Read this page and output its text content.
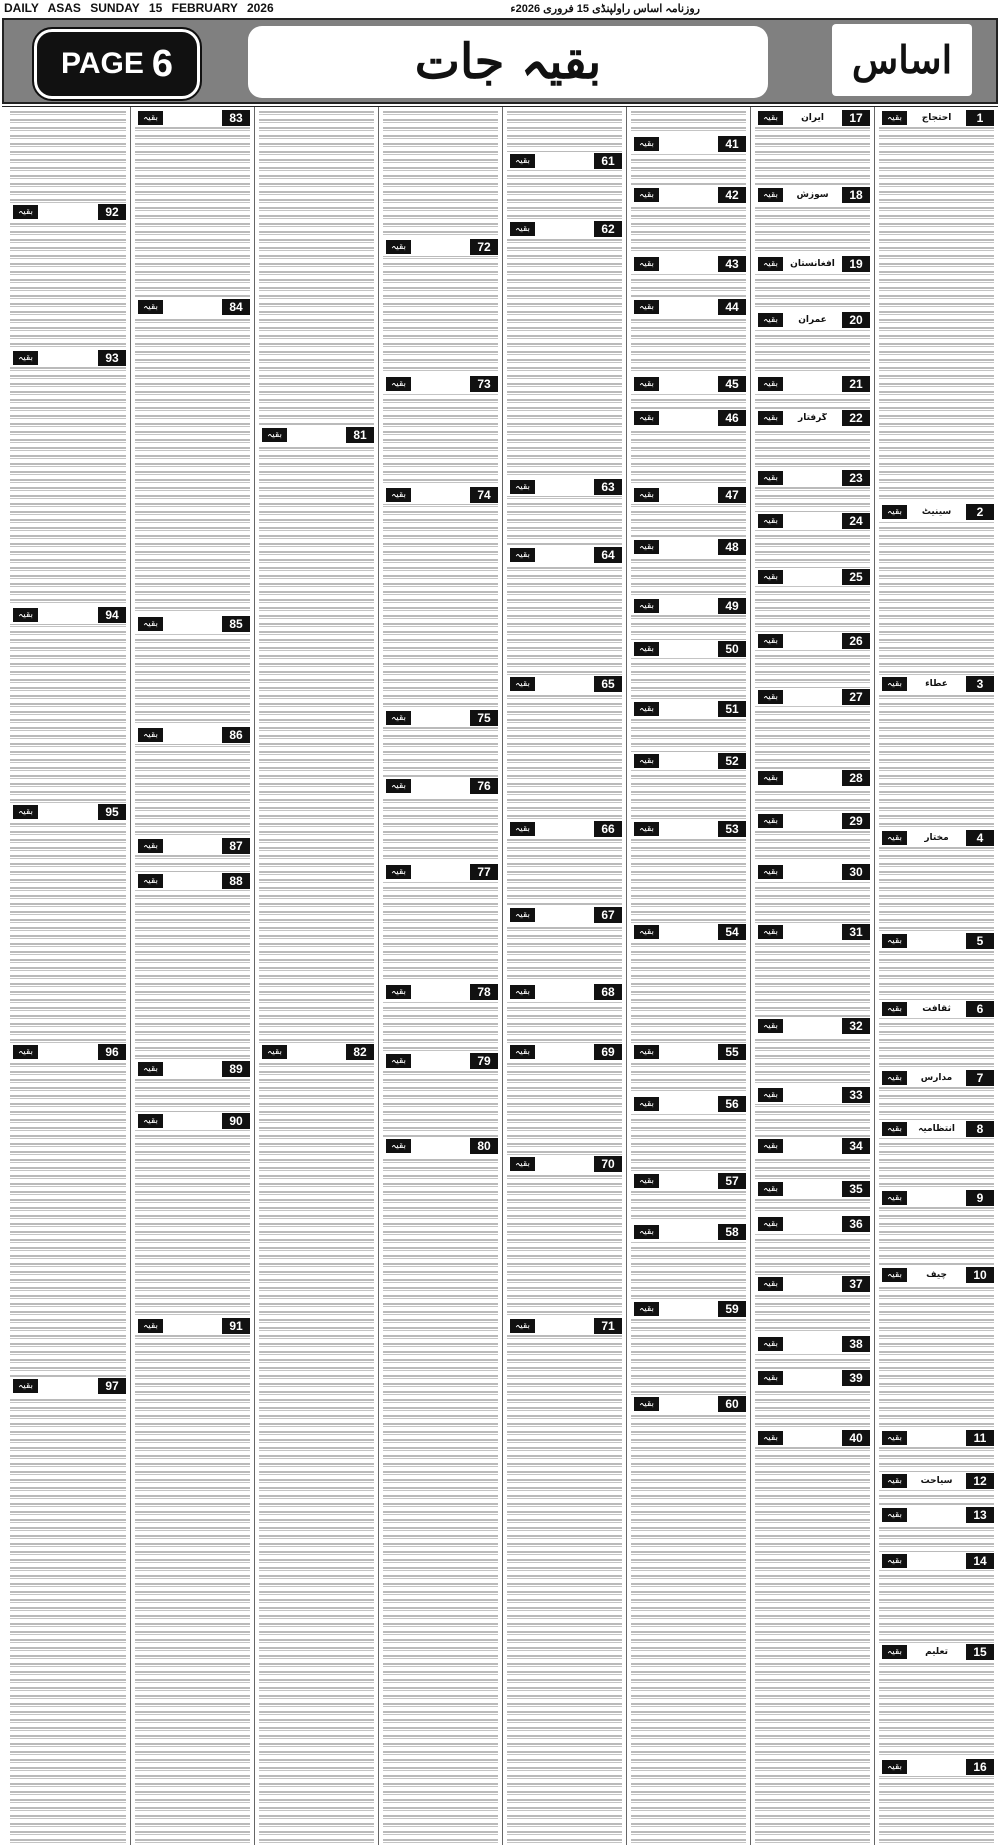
DAILY ASAS SUNDAY 15 FEBRUARY 2026	روزنامہ اساس راولپنڈی 15 فروری 2026ء
PAGE 6	بقیہ جات	اساس
بقیہ	احتجاج	1
بقیہ	سینیٹ	2
بقیہ	عطاء	3
بقیہ	مختار	4
بقیہ	5
بقیہ	ثقافت	6
بقیہ	مدارس	7
بقیہ	انتظامیہ	8
بقیہ	9
بقیہ	چیف	10
بقیہ	11
بقیہ	سیاحت	12
بقیہ	13
بقیہ	14
بقیہ	تعلیم	15
بقیہ	16
بقیہ	ایران	17
بقیہ	سوزش	18
بقیہ	افغانستان	19
بقیہ	عمران	20
بقیہ	21
بقیہ	گرفتار	22
بقیہ	23
بقیہ	24
بقیہ	25
بقیہ	26
بقیہ	27
بقیہ	28
بقیہ	29
بقیہ	30
بقیہ	31
بقیہ	32
بقیہ	33
بقیہ	34
بقیہ	35
بقیہ	36
بقیہ	37
بقیہ	38
بقیہ	39
بقیہ	40
بقیہ	41
بقیہ	42
بقیہ	43
بقیہ	44
بقیہ	45
بقیہ	46
بقیہ	47
بقیہ	48
بقیہ	49
بقیہ	50
بقیہ	51
بقیہ	52
بقیہ	53
بقیہ	54
بقیہ	55
بقیہ	56
بقیہ	57
بقیہ	58
بقیہ	59
بقیہ	60
بقیہ	61
بقیہ	62
بقیہ	63
بقیہ	64
بقیہ	65
بقیہ	66
بقیہ	67
بقیہ	68
بقیہ	69
بقیہ	70
بقیہ	71
بقیہ	72
بقیہ	73
بقیہ	74
بقیہ	75
بقیہ	76
بقیہ	77
بقیہ	78
بقیہ	79
بقیہ	80
بقیہ	81
بقیہ	82
بقیہ	83
بقیہ	84
بقیہ	85
بقیہ	86
بقیہ	87
بقیہ	88
بقیہ	89
بقیہ	90
بقیہ	91
بقیہ	92
بقیہ	93
بقیہ	94
بقیہ	95
بقیہ	96
بقیہ	97
